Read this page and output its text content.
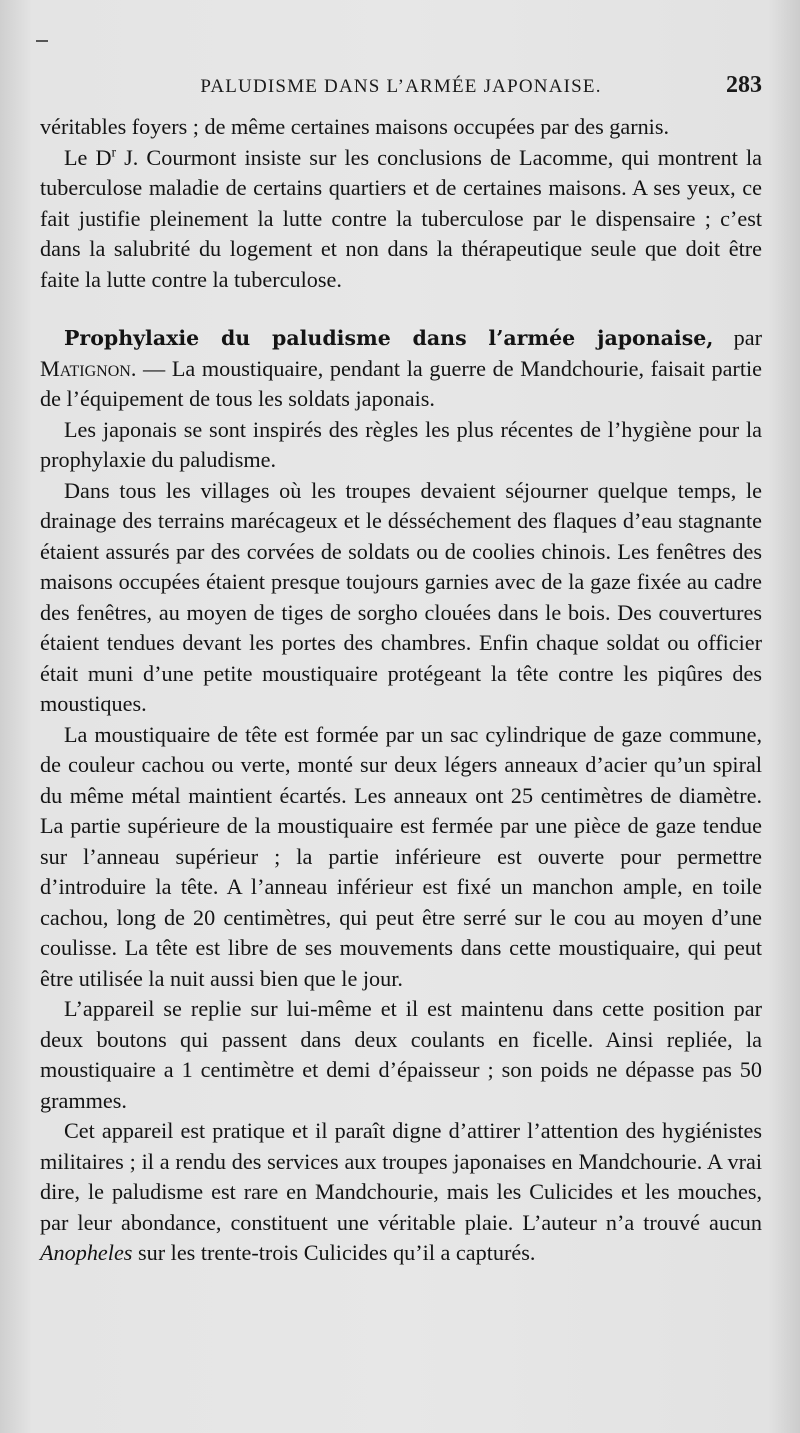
PALUDISME DANS L’ARMÉE JAPONAISE.	283

véritables foyers ; de même certaines maisons occupées par des garnis.

Le $D^r$ J. Courmont insiste sur les conclusions de Lacomme, qui montrent la tuberculose maladie de certains quartiers et de certaines maisons. A ses yeux, ce fait justifie pleinement la lutte contre la tuberculose par le dispensaire ; c’est dans la salubrité du logement et non dans la thérapeutique seule que doit être faite la lutte contre la tuberculose.

Prophylaxie du paludisme dans l’armée japonaise, par Matignon. — La moustiquaire, pendant la guerre de Mandchourie, faisait partie de l’équipement de tous les soldats japonais.

Les japonais se sont inspirés des règles les plus récentes de l’hygiène pour la prophylaxie du paludisme.

Dans tous les villages où les troupes devaient séjourner quelque temps, le drainage des terrains marécageux et le désséchement des flaques d’eau stagnante étaient assurés par des corvées de soldats ou de coolies chinois. Les fenêtres des maisons occupées étaient presque toujours garnies avec de la gaze fixée au cadre des fenêtres, au moyen de tiges de sorgho clouées dans le bois. Des couvertures étaient tendues devant les portes des chambres. Enfin chaque soldat ou officier était muni d’une petite moustiquaire protégeant la tête contre les piqûres des moustiques.

La moustiquaire de tête est formée par un sac cylindrique de gaze commune, de couleur cachou ou verte, monté sur deux légers anneaux d’acier qu’un spiral du même métal maintient écartés. Les anneaux ont 25 centimètres de diamètre. La partie supérieure de la moustiquaire est fermée par une pièce de gaze tendue sur l’anneau supérieur ; la partie inférieure est ouverte pour permettre d’introduire la tête. A l’anneau inférieur est fixé un manchon ample, en toile cachou, long de 20 centimètres, qui peut être serré sur le cou au moyen d’une coulisse. La tête est libre de ses mouvements dans cette moustiquaire, qui peut être utilisée la nuit aussi bien que le jour.

L’appareil se replie sur lui-même et il est maintenu dans cette position par deux boutons qui passent dans deux coulants en ficelle. Ainsi repliée, la moustiquaire a 1 centimètre et demi d’épaisseur ; son poids ne dépasse pas 50 grammes.

Cet appareil est pratique et il paraît digne d’attirer l’attention des hygiénistes militaires ; il a rendu des services aux troupes japonaises en Mandchourie. A vrai dire, le paludisme est rare en Mandchourie, mais les Culicides et les mouches, par leur abondance, constituent une véritable plaie. L’auteur n’a trouvé aucun Anopheles sur les trente-trois Culicides qu’il a capturés.
